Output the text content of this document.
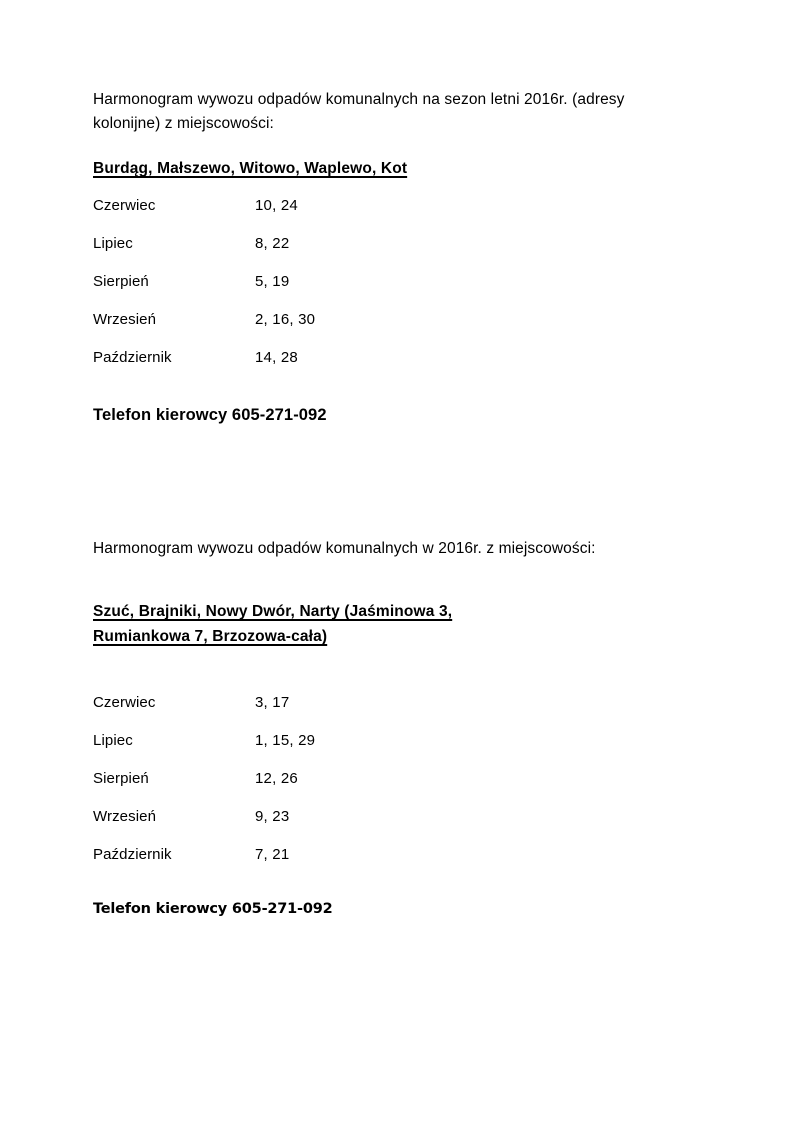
Harmonogram wywozu odpadów komunalnych na sezon letni 2016r. (adresy kolonijne) z miejscowości:

Burdąg, Małszewo, Witowo, Waplewo, Kot

Czerwiec	10, 24
Lipiec	8, 22
Sierpień	5, 19
Wrzesień	2, 16, 30
Październik	14, 28

Telefon kierowcy 605-271-092

Harmonogram wywozu odpadów komunalnych w 2016r. z miejscowości:

Szuć, Brajniki, Nowy Dwór, Narty (Jaśminowa 3,
Rumiankowa 7, Brzozowa-cała)

Czerwiec	3, 17
Lipiec	1, 15, 29
Sierpień	12, 26
Wrzesień	9, 23
Październik	7, 21

Telefon kierowcy 605-271-092
